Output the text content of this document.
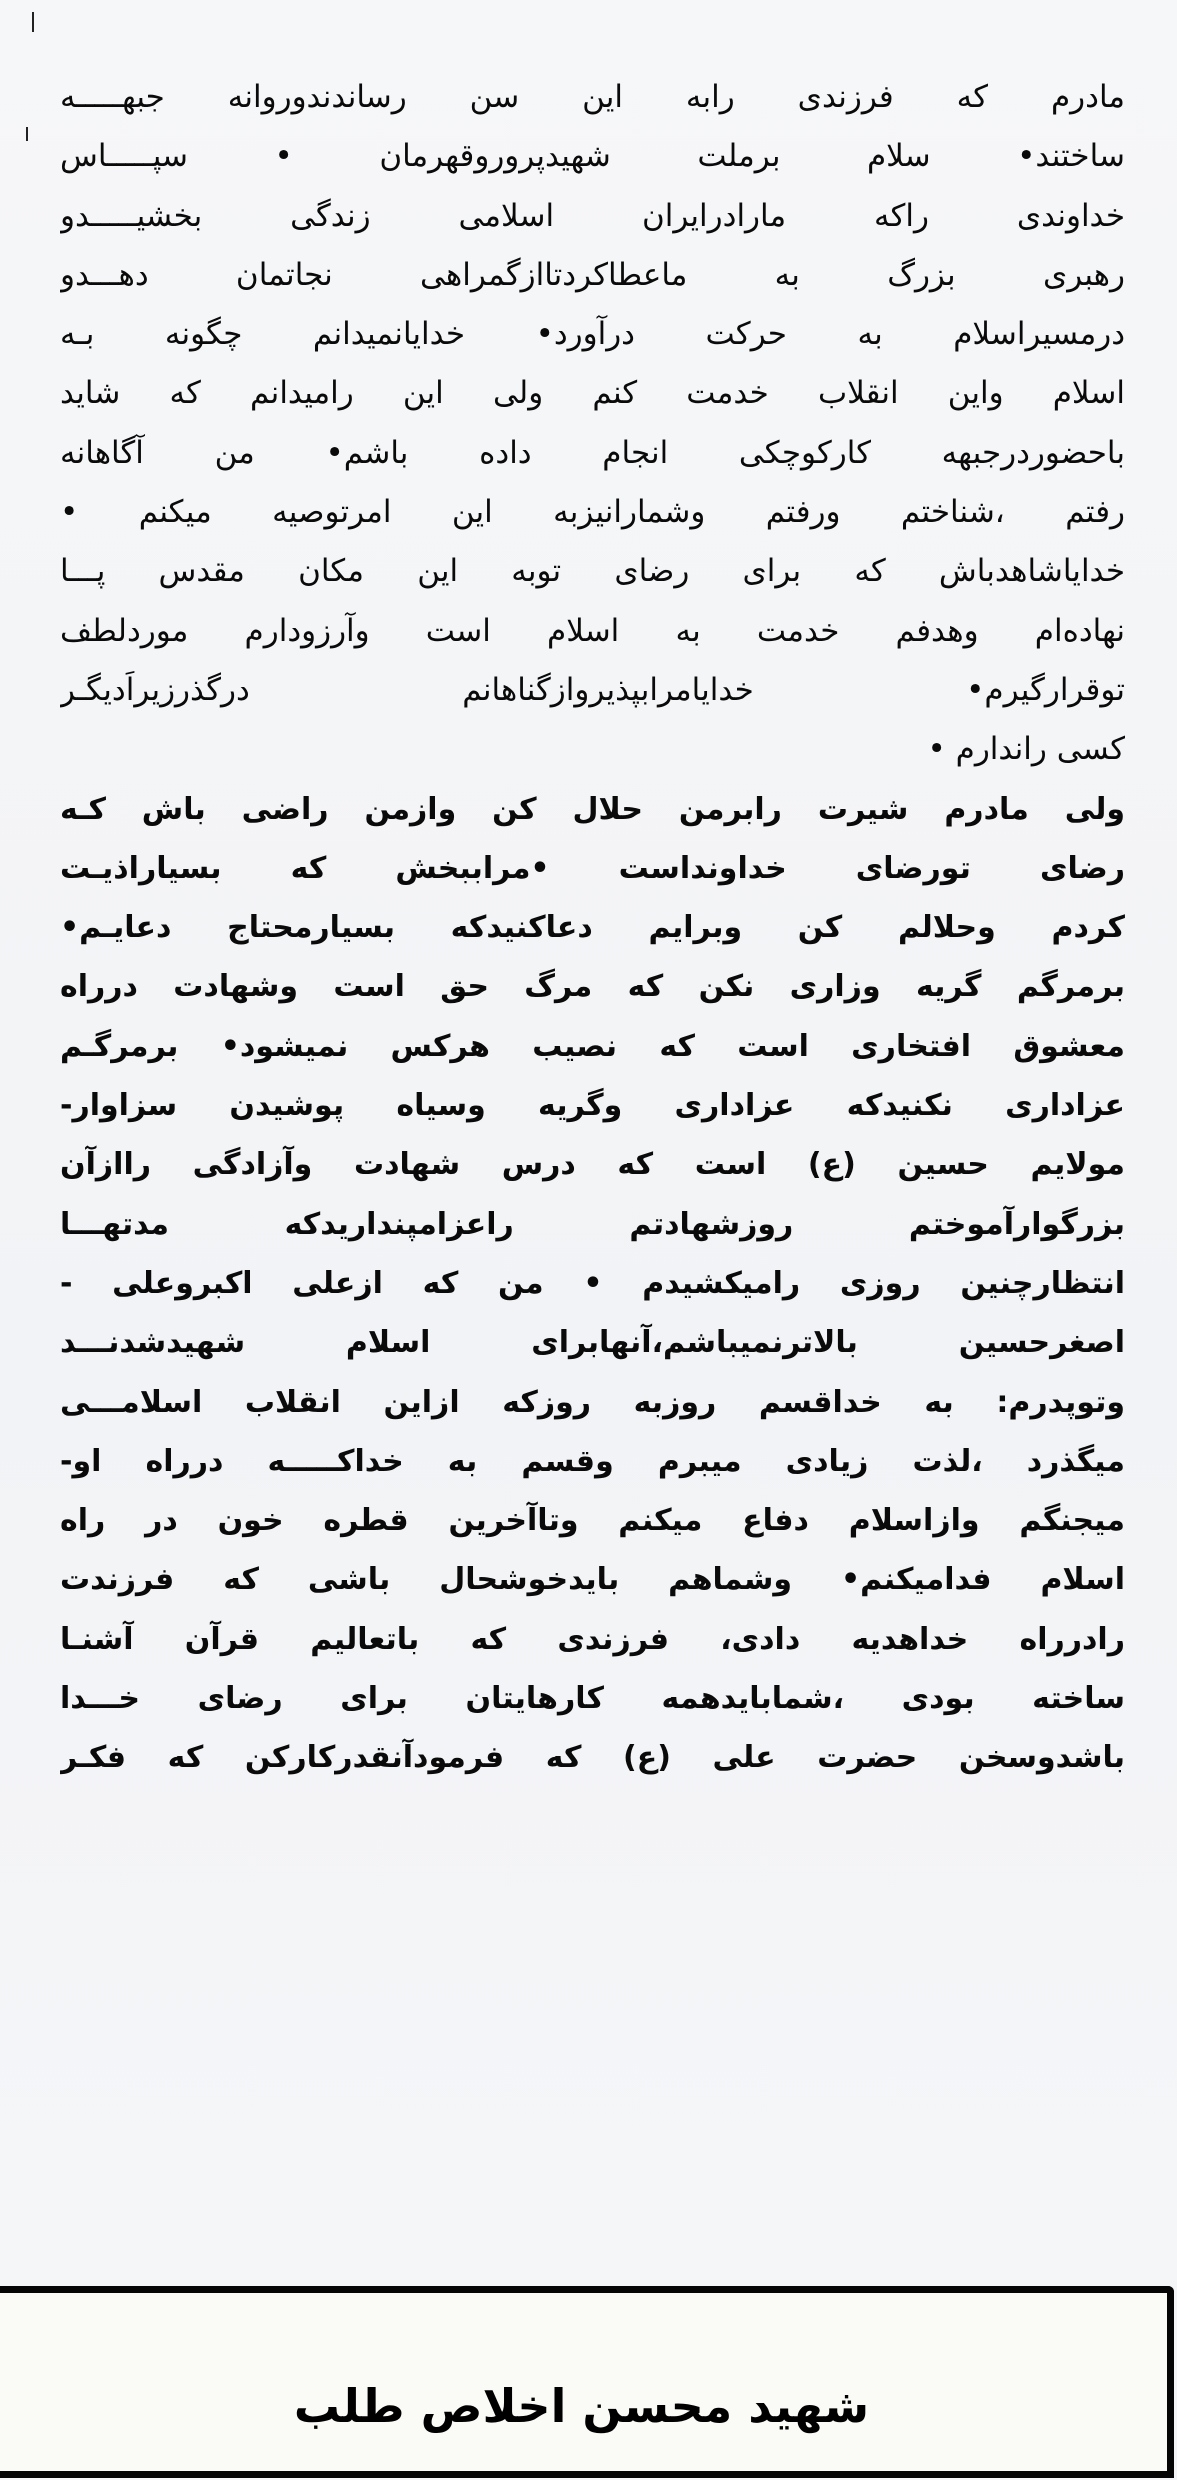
مادرم که فرزندی رابه این سن رساندندوروانه جبهـــــه
ساختند• سلام برملت شهیدپروروقهرمان • سپـــــاس
خداوندی راکه مارادرایران اسلامی زندگی بخشیـــــدو
رهبری بزرگ به ماعطاکردتاازگمراهی نجاتمان دهـــدو
درمسیراسلام به حرکت درآورد• خدایانمیدانم چگونه بـه
اسلام واین انقلاب خدمت کنم ولی این رامیدانم که شاید
باحضوردرجبهه کارکوچکی انجام داده باشم• من آگاهانه
رفتم ،شناختم ورفتم وشمارانیزبه این امرتوصیه میکنم •
خدایاشاهدباش که برای رضای توبه این مکان مقدس پـــا
نهاده‌ام وهدفم خدمت به اسلام است وآرزودارم موردلطف
توقرارگیرم• خدایامرابپذیروازگناهانم درگذرزیراَدیگـر
کسی راندارم •
ولی مادرم شیرت رابرمن حلال کن وازمن راضی باش کـه
رضای تورضای خداونداست •مراببخش که بسیاراذیـت
کردم وحلالم کن وبرایم دعاکنیدکه بسیارمحتاج دعایـم•
برمرگم گریه وزاری نکن که مرگ حق است وشهادت درراه
معشوق افتخاری است که نصیب هرکس نمیشود• برمرگـم
عزاداری نکنیدکه عزاداری وگریه وسیاه پوشیدن سزاوار-
مولایم حسین (ع) است که درس شهادت وآزادگی راازآن
بزرگوارآموختم روزشهادتم راعزامپنداریدکه مدتهـــا
انتظارچنین روزی رامیکشیدم • من که ازعلی اکبروعلی -
اصغرحسین بالاترنمیباشم،آنهابرای اسلام شهیدشدنـــد
وتوپدرم: به خداقسم روزبه روزکه ازاین انقلاب اسلامـــی
میگذرد ،لذت زیادی میبرم وقسم به خداکـــــه درراه او-
میجنگم وازاسلام دفاع میکنم وتاآخرین قطره خون در راه
اسلام فدامیکنم• وشماهم بایدخوشحال باشی که فرزندت
رادرراه خداهدیه دادی، فرزندی که باتعالیم قرآن آشنـا
ساخته بودی ،شمابایدهمه کارهایتان برای رضای خـــدا
باشدوسخن حضرت علی (ع) که فرمودآنقدرکارکن که فکـر
شهید محسن اخلاص طلب
